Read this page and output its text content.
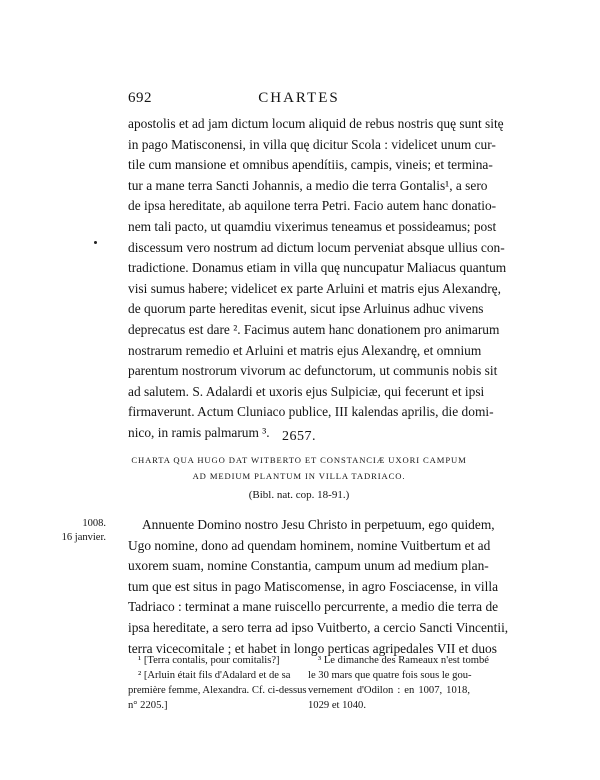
692	CHARTES
apostolis et ad jam dictum locum aliquid de rebus nostris quę sunt sitę
in pago Matisconensi, in villa quę dicitur Scola : videlicet unum cur-
tile cum mansione et omnibus apendítiis, campis, vineis; et termina-
tur a mane terra Sancti Johannis, a medio die terra Gontalis¹, a sero
de ipsa hereditate, ab aquilone terra Petri. Facio autem hanc donatio-
nem tali pacto, ut quamdiu vixerimus teneamus et possideamus; post
discessum vero nostrum ad dictum locum perveniat absque ullius con-
tradictione. Donamus etiam in villa quę nuncupatur Maliacus quantum
visi sumus habere; videlicet ex parte Arluini et matris ejus Alexandrę,
de quorum parte hereditas evenit, sicut ipse Arluinus adhuc vivens
deprecatus est dare ². Facimus autem hanc donationem pro animarum
nostrarum remedio et Arluini et matris ejus Alexandrę, et omnium
parentum nostrorum vivorum ac defunctorum, ut communis nobis sit
ad salutem. S. Adalardi et uxoris ejus Sulpiciæ, qui fecerunt et ipsi
firmaverunt. Actum Cluniaco publice, III kalendas aprilis, die domi-
nico, in ramis palmarum ³. 2657.
CHARTA QUA HUGO DAT WITBERTO ET CONSTANCIÆ UXORI CAMPUM
AD MEDIUM PLANTUM IN VILLA TADRIACO.
(Bibl. nat. cop. 18-91.)
1008.
16 janvier.
Annuente Domino nostro Jesu Christo in perpetuum, ego quidem,
Ugo nomine, dono ad quendam hominem, nomine Vuitbertum et ad
uxorem suam, nomine Constantia, campum unum ad medium plan-
tum que est situs in pago Matiscomense, in agro Fosciacense, in villa
Tadriaco : terminat a mane ruiscello percurrente, a medio die terra de
ipsa hereditate, a sero terra ad ipso Vuitberto, a cercio Sancti Vincentii,
terra vicecomitale ; et habet in longo perticas agripedales VII et duos
¹ [Terra contalis, pour comitalis?]
² [Arluin était fils d'Adalard et de sa
première femme, Alexandra. Cf. ci-dessus
n° 2205.]
³ Le dimanche des Rameaux n'est tombé
le 30 mars que quatre fois sous le gou-
vernement d'Odilon : en 1007, 1018,
1029 et 1040.
